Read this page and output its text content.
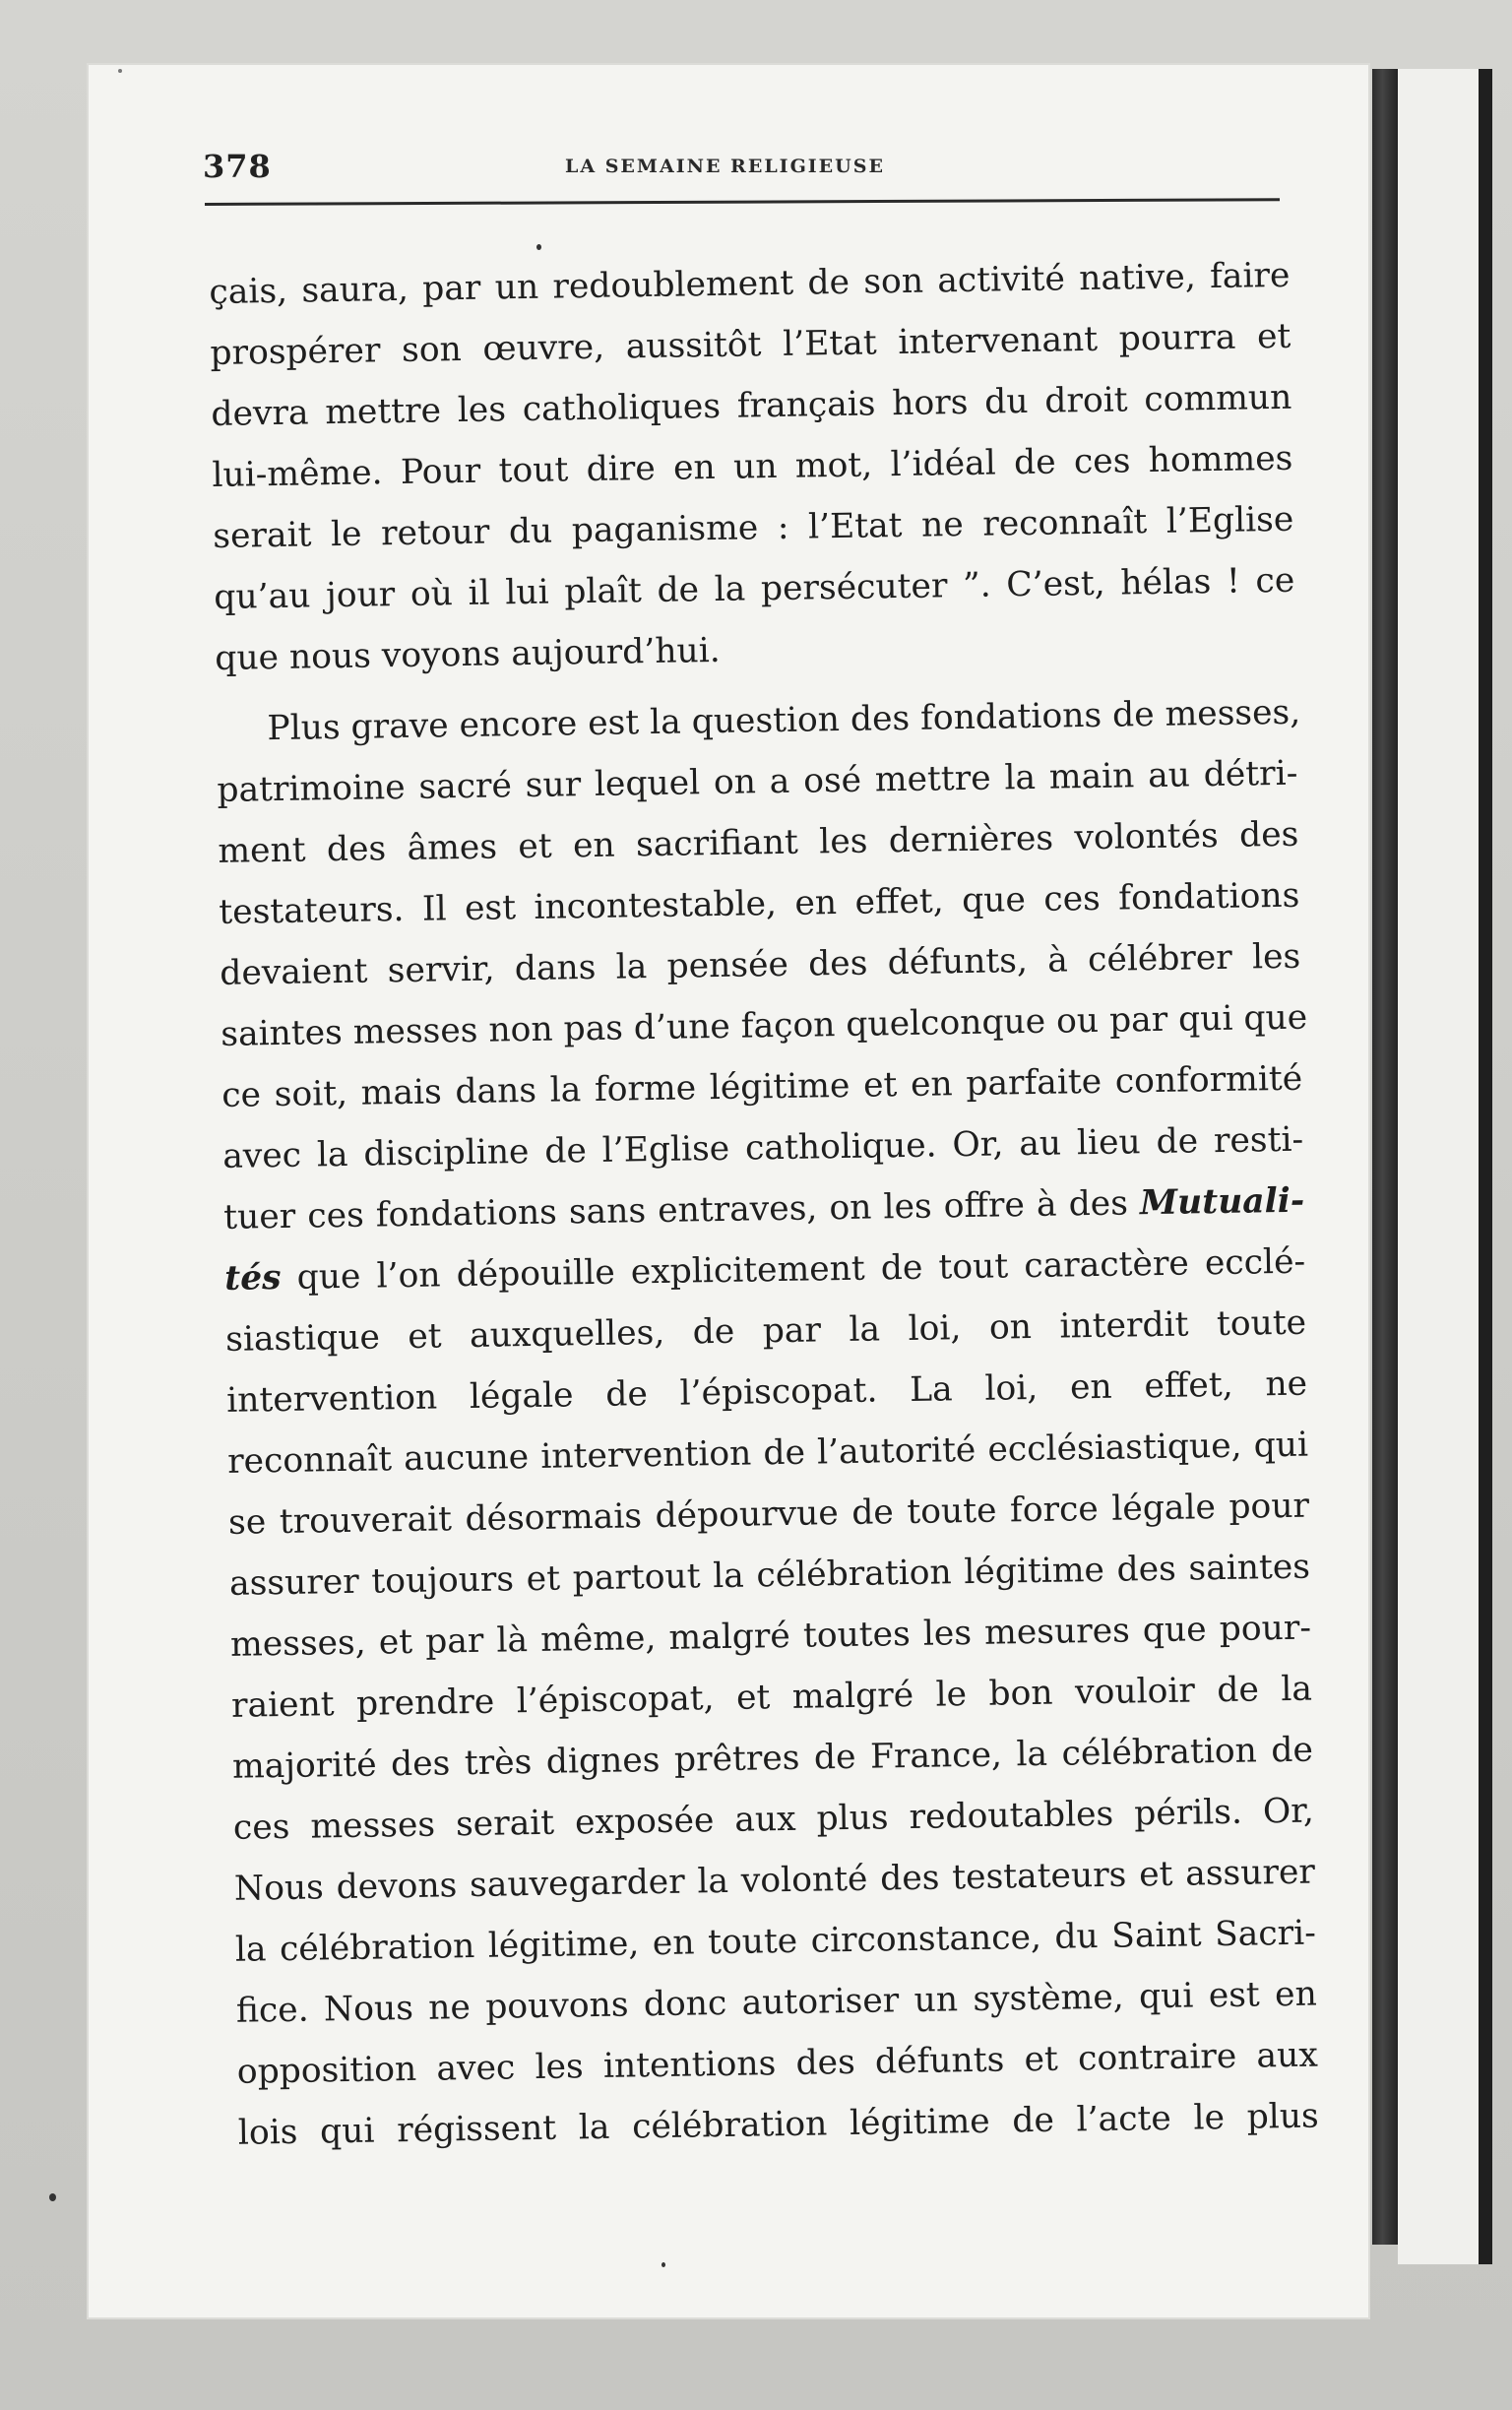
378	LA SEMAINE RELIGIEUSE
çais, saura, par un redoublement de son activité native, faire
prospérer son œuvre, aussitôt l’Etat intervenant pourra et
devra mettre les catholiques français hors du droit commun
lui-même. Pour tout dire en un mot, l’idéal de ces hommes
serait le retour du paganisme : l’Etat ne reconnaît l’Eglise
qu’au jour où il lui plaît de la persécuter ”. C’est, hélas ! ce
que nous voyons aujourd’hui.
Plus grave encore est la question des fondations de messes,
patrimoine sacré sur lequel on a osé mettre la main au détri-
ment des âmes et en sacrifiant les dernières volontés des
testateurs. Il est incontestable, en effet, que ces fondations
devaient servir, dans la pensée des défunts, à célébrer les
saintes messes non pas d’une façon quelconque ou par qui que
ce soit, mais dans la forme légitime et en parfaite conformité
avec la discipline de l’Eglise catholique. Or, au lieu de resti-
tuer ces fondations sans entraves, on les offre à des Mutuali-
tés que l’on dépouille explicitement de tout caractère ecclé-
siastique et auxquelles, de par la loi, on interdit toute
intervention légale de l’épiscopat. La loi, en effet, ne
reconnaît aucune intervention de l’autorité ecclésiastique, qui
se trouverait désormais dépourvue de toute force légale pour
assurer toujours et partout la célébration légitime des saintes
messes, et par là même, malgré toutes les mesures que pour-
raient prendre l’épiscopat, et malgré le bon vouloir de la
majorité des très dignes prêtres de France, la célébration de
ces messes serait exposée aux plus redoutables périls. Or,
Nous devons sauvegarder la volonté des testateurs et assurer
la célébration légitime, en toute circonstance, du Saint Sacri-
fice. Nous ne pouvons donc autoriser un système, qui est en
opposition avec les intentions des défunts et contraire aux
lois qui régissent la célébration légitime de l’acte le plus
